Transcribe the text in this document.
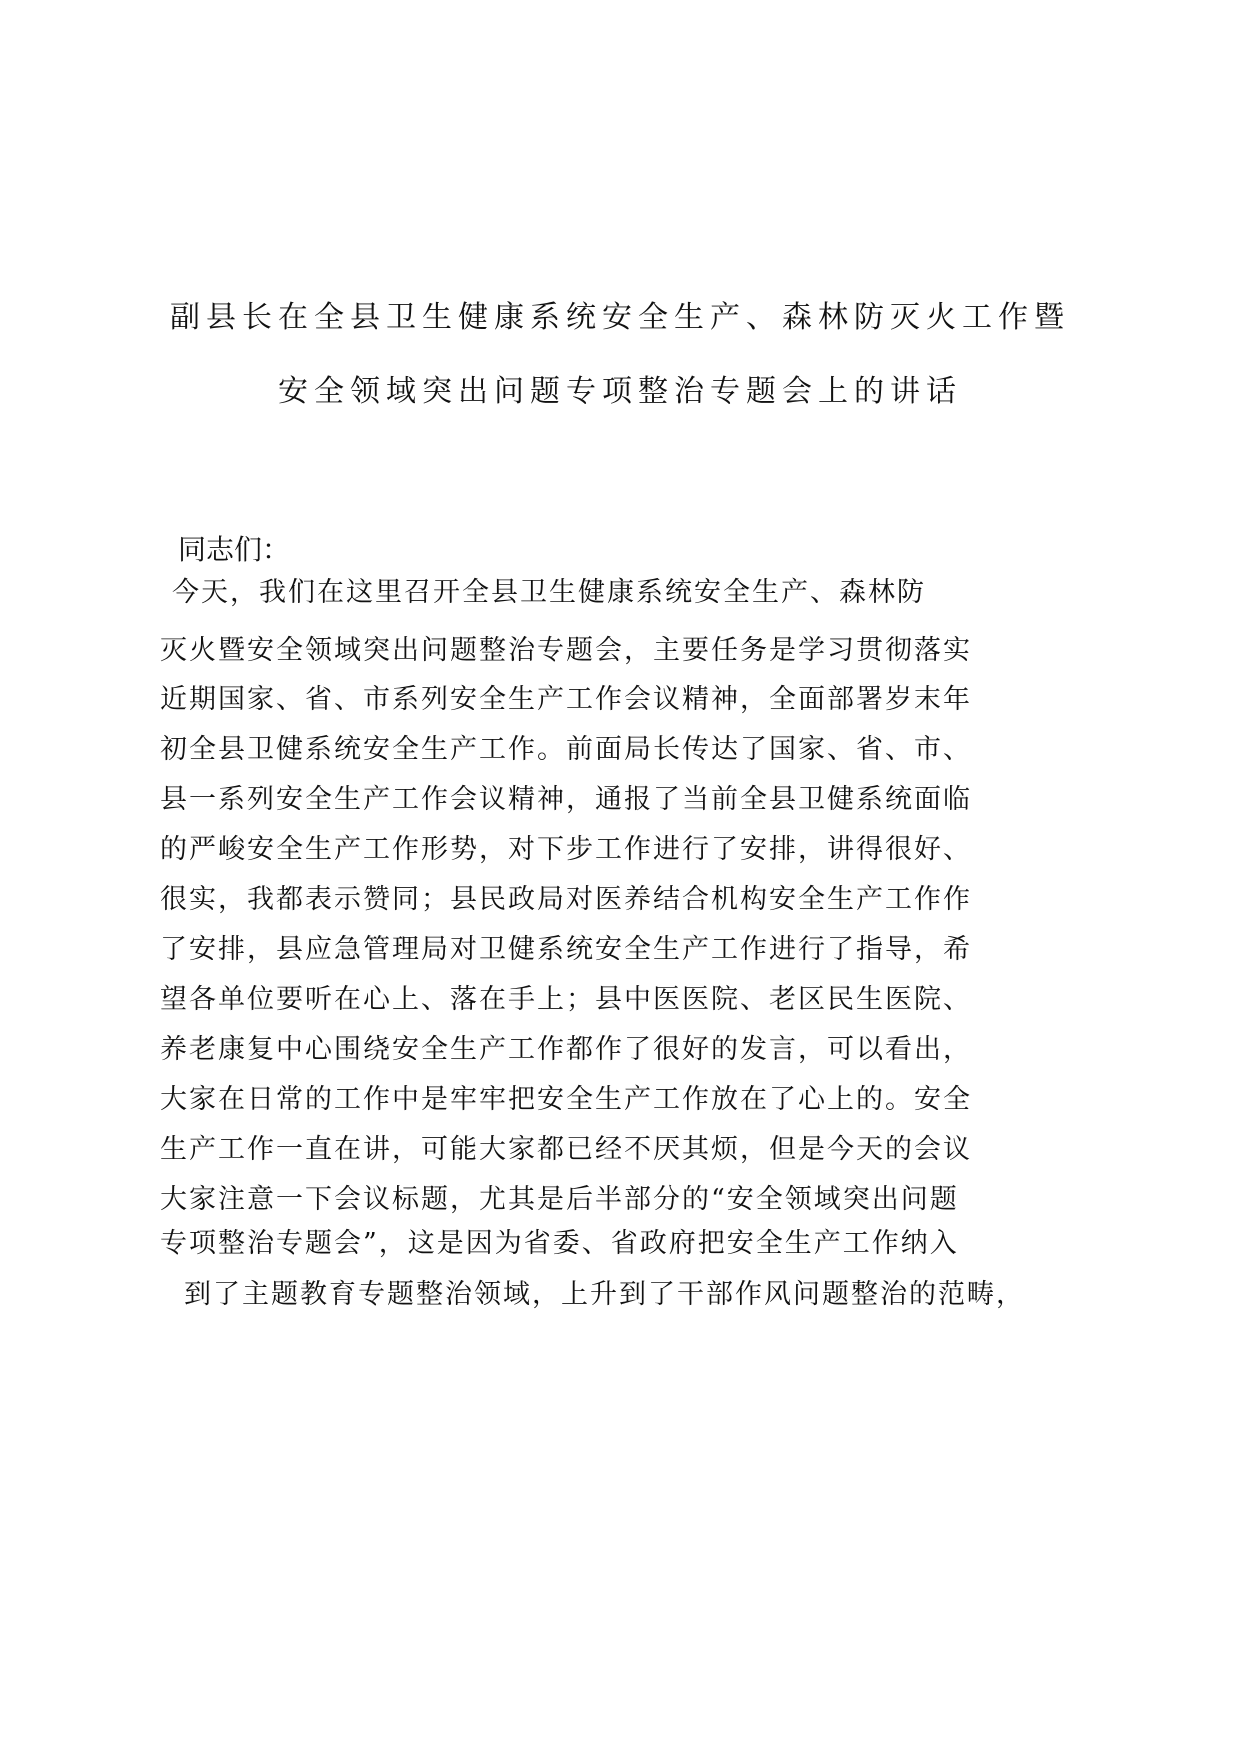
副县长在全县卫生健康系统安全生产、森林防灭火工作暨
安全领域突出问题专项整治专题会上的讲话
同志们：
今天，我们在这里召开全县卫生健康系统安全生产、森林防
灭火暨安全领域突出问题整治专题会，主要任务是学习贯彻落实
近期国家、省、市系列安全生产工作会议精神，全面部署岁末年
初全县卫健系统安全生产工作。前面局长传达了国家、省、市、
县一系列安全生产工作会议精神，通报了当前全县卫健系统面临
的严峻安全生产工作形势，对下步工作进行了安排，讲得很好、
很实，我都表示赞同；县民政局对医养结合机构安全生产工作作
了安排，县应急管理局对卫健系统安全生产工作进行了指导，希
望各单位要听在心上、落在手上；县中医医院、老区民生医院、
养老康复中心围绕安全生产工作都作了很好的发言，可以看出，
大家在日常的工作中是牢牢把安全生产工作放在了心上的。安全
生产工作一直在讲，可能大家都已经不厌其烦，但是今天的会议
大家注意一下会议标题，尤其是后半部分的“安全领域突出问题
专项整治专题会”，这是因为省委、省政府把安全生产工作纳入
到了主题教育专题整治领域，上升到了干部作风问题整治的范畴，
